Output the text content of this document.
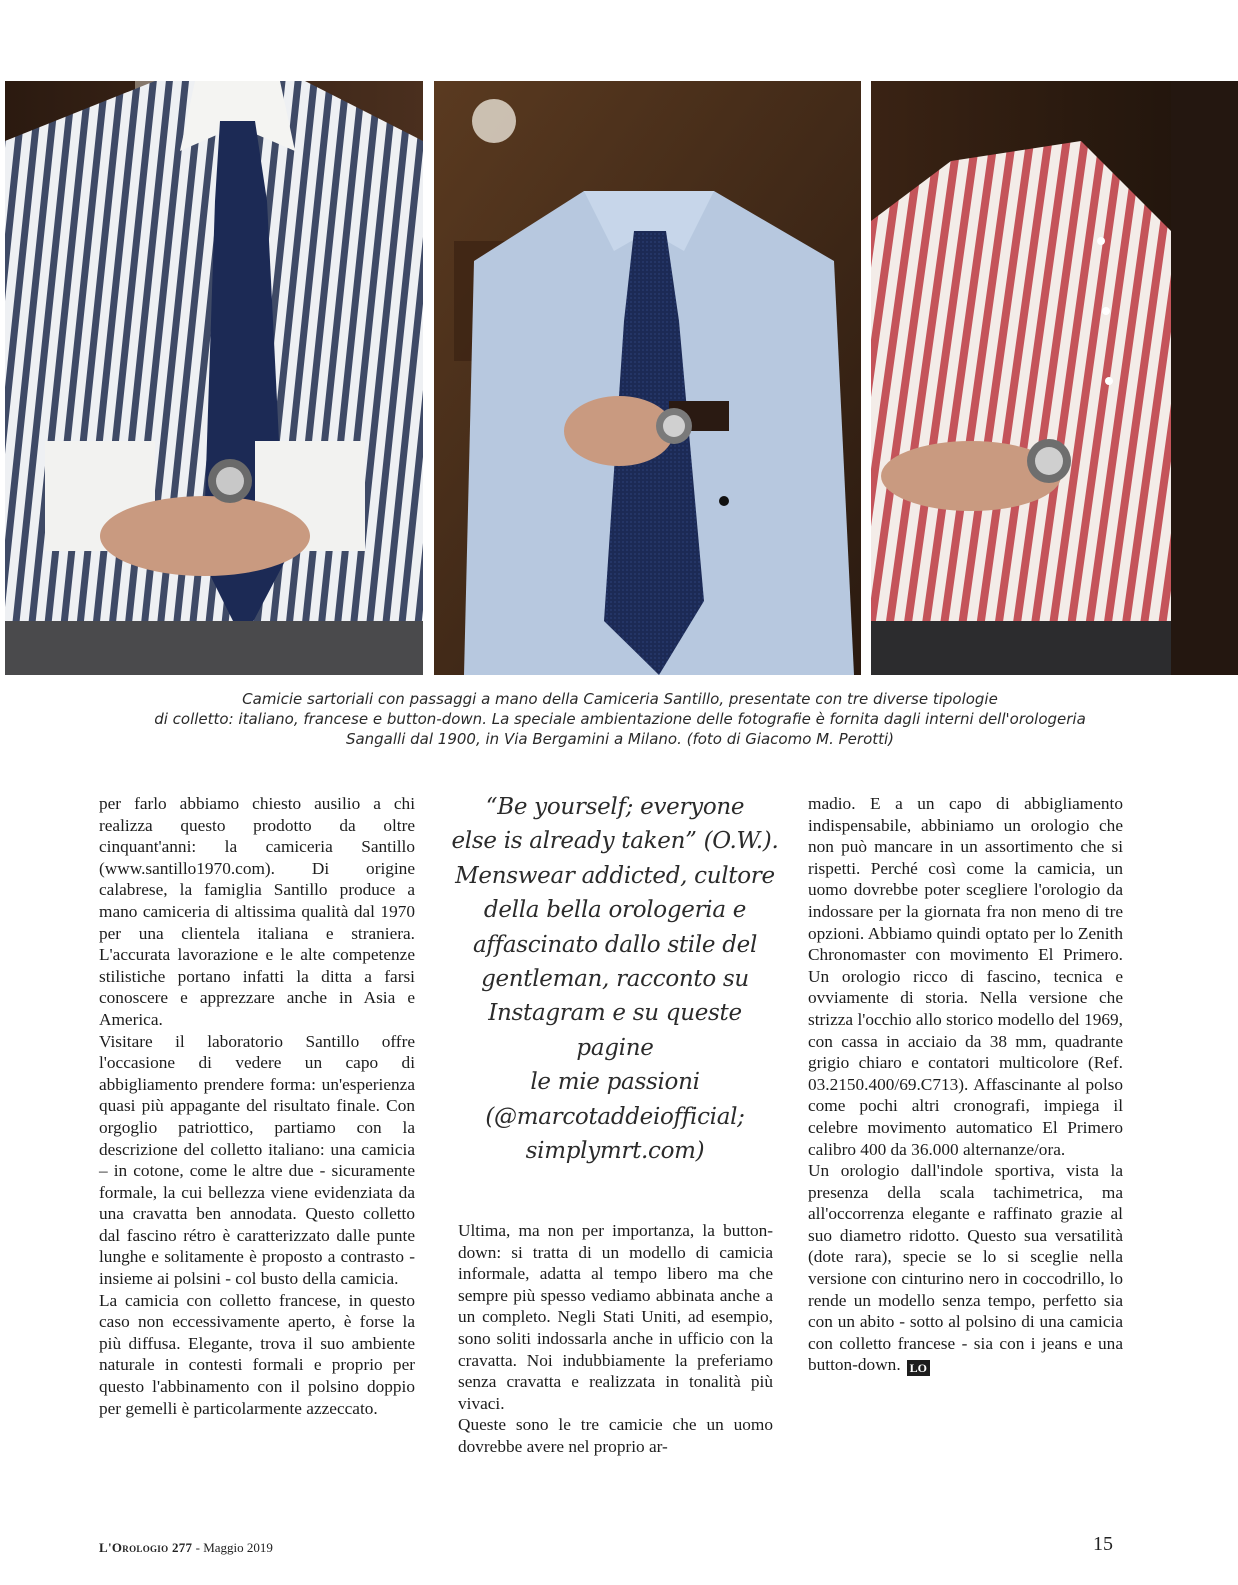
Camicie sartoriali con passaggi a mano della Camiceria Santillo, presentate con tre diverse tipologie
di colletto: italiano, francese e button-down. La speciale ambientazione delle fotografie è fornita dagli interni dell'orologeria
Sangalli dal 1900, in Via Bergamini a Milano. (foto di Giacomo M. Perotti)

per farlo abbiamo chiesto ausilio a chi realizza questo prodotto da oltre cinquant'anni: la camiceria Santillo (www.santillo1970.com). Di origine calabrese, la famiglia Santillo produce a mano camiceria di altissima qualità dal 1970 per una clientela italiana e straniera. L'accurata lavorazione e le alte competenze stilistiche portano infatti la ditta a farsi conoscere e apprezzare anche in Asia e America.

Visitare il laboratorio Santillo offre l'occasione di vedere un capo di abbigliamento prendere forma: un'esperienza quasi più appagante del risultato finale. Con orgoglio patriottico, partiamo con la descrizione del colletto italiano: una camicia – in cotone, come le altre due - sicuramente formale, la cui bellezza viene evidenziata da una cravatta ben annodata. Questo colletto dal fascino rétro è caratterizzato dalle punte lunghe e solitamente è proposto a contrasto - insieme ai polsini - col busto della camicia.

La camicia con colletto francese, in questo caso non eccessivamente aperto, è forse la più diffusa. Elegante, trova il suo ambiente naturale in contesti formali e proprio per questo l'abbinamento con il polsino doppio per gemelli è particolarmente azzeccato.

“Be yourself; everyone
else is already taken” (O.W.).
Menswear addicted, cultore
della bella orologeria e
affascinato dallo stile del
gentleman, racconto su
Instagram e su queste pagine
le mie passioni
(@marcotaddeiofficial;
simplymrt.com)

Ultima, ma non per importanza, la button-down: si tratta di un modello di camicia informale, adatta al tempo libero ma che sempre più spesso vediamo abbinata anche a un completo. Negli Stati Uniti, ad esempio, sono soliti indossarla anche in ufficio con la cravatta. Noi indubbiamente la preferiamo senza cravatta e realizzata in tonalità più vivaci.

Queste sono le tre camicie che un uomo dovrebbe avere nel proprio ar-

madio. E a un capo di abbigliamento indispensabile, abbiniamo un orologio che non può mancare in un assortimento che si rispetti. Perché così come la camicia, un uomo dovrebbe poter scegliere l'orologio da indossare per la giornata fra non meno di tre opzioni. Abbiamo quindi optato per lo Zenith Chronomaster con movimento El Primero. Un orologio ricco di fascino, tecnica e ovviamente di storia. Nella versione che strizza l'occhio allo storico modello del 1969, con cassa in acciaio da 38 mm, quadrante grigio chiaro e contatori multicolore (Ref. 03.2150.400/69.C713). Affascinante al polso come pochi altri cronografi, impiega il celebre movimento automatico El Primero calibro 400 da 36.000 alternanze/ora.

Un orologio dall'indole sportiva, vista la presenza della scala tachimetrica, ma all'occorrenza elegante e raffinato grazie al suo diametro ridotto. Questo sua versatilità (dote rara), specie se lo si sceglie nella versione con cinturino nero in coccodrillo, lo rende un modello senza tempo, perfetto sia con un abito - sotto al polsino di una camicia con colletto francese - sia con i jeans e una button-down. LO

L'Orologio 277 - Maggio 2019	15
